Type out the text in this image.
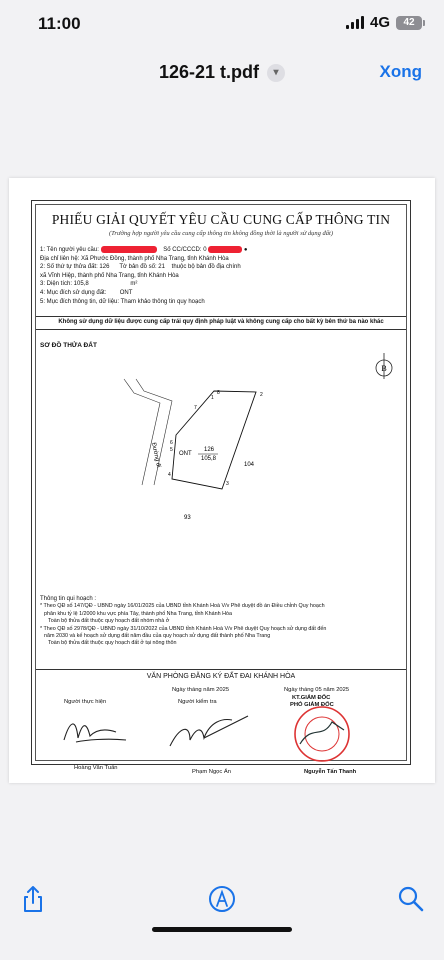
11:00	4G 42
126-21 t.pdf	▾	Xong
PHIẾU GIẢI QUYẾT YÊU CẦU CUNG CẤP THÔNG TIN
(Trường hợp người yêu cầu cung cấp thông tin không đồng thời là người sử dụng đất)
1: Tên người yêu cầu:	Số CC/CCCD: 0	●
Địa chỉ liên hệ: Xã Phước Đồng, thành phố Nha Trang, tỉnh Khánh Hòa
2: Số thứ tự thửa đất: 126 Tờ bản đồ số: 21 thuộc bộ bản đồ địa chính
xã Vĩnh Hiệp, thành phố Nha Trang, tỉnh Khánh Hòa
3: Diện tích: 105,8	m²
4: Mục đích sử dụng đất: ONT
5: Mục đích thông tin, dữ liệu: Tham khảo thông tin quy hoạch
Không sử dụng dữ liệu được cung cấp trái quy định pháp luật và không cung cấp cho bất kỳ bên thứ ba nào khác
SƠ ĐỒ THỬA ĐẤT
B
Đường đi	ONT
126
105,8
104
93
1	2
3
4
5
6
7
8
Thông tin qui hoạch :
* Theo QĐ số 147/QĐ - UBND ngày 16/01/2025 của UBND tỉnh Khánh Hoà V/v Phê duyệt đồ án Điều chỉnh Quy hoạch
phân khu tỷ lệ 1/2000 khu vực phía Tây, thành phố Nha Trang, tỉnh Khánh Hòa
Toàn bộ thửa đất thuộc quy hoạch đất nhóm nhà ở
* Theo QĐ số 2978/QĐ - UBND ngày 31/10/2022 của UBND tỉnh Khánh Hoà V/v Phê duyệt Quy hoạch sử dụng đất đến
năm 2030 và kế hoạch sử dụng đất năm đầu của quy hoạch sử dụng đất thành phố Nha Trang
Toàn bộ thửa đất thuộc quy hoạch đất ở tại nông thôn
VĂN PHÒNG ĐĂNG KÝ ĐẤT ĐAI KHÁNH HÒA
Ngày tháng năm 2025	Ngày tháng 05 năm 2025
KT.GIÁM ĐỐC
PHÓ GIÁM ĐỐC
Người thực hiện	Người kiểm tra
Hoàng Văn Tuấn
Phạm Ngọc Ẩn	Nguyễn Tấn Thanh
